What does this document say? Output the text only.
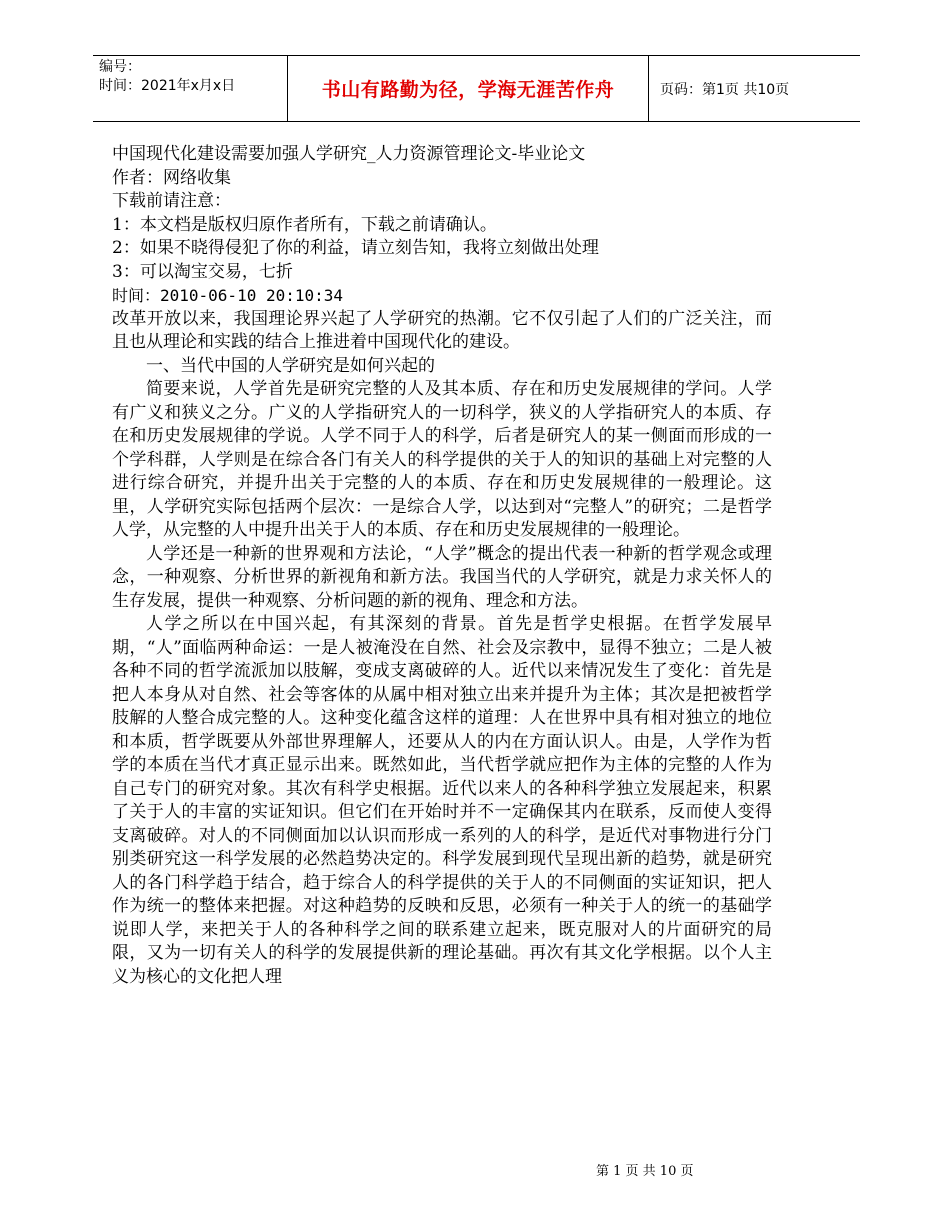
编号：
时间：2021年x月x日	书山有路勤为径，学海无涯苦作舟	页码：第1页 共10页

中国现代化建设需要加强人学研究_人力资源管理论文-毕业论文

作者：网络收集

下载前请注意：

1：本文档是版权归原作者所有，下载之前请确认。

2：如果不晓得侵犯了你的利益，请立刻告知，我将立刻做出处理

3：可以淘宝交易，七折

时间：2010-06-10 20:10:34

改革开放以来，我国理论界兴起了人学研究的热潮。它不仅引起了人们的广泛关注，而且也从理论和实践的结合上推进着中国现代化的建设。

一、当代中国的人学研究是如何兴起的

简要来说，人学首先是研究完整的人及其本质、存在和历史发展规律的学问。人学有广义和狭义之分。广义的人学指研究人的一切科学，狭义的人学指研究人的本质、存在和历史发展规律的学说。人学不同于人的科学，后者是研究人的某一侧面而形成的一个学科群，人学则是在综合各门有关人的科学提供的关于人的知识的基础上对完整的人进行综合研究，并提升出关于完整的人的本质、存在和历史发展规律的一般理论。这里，人学研究实际包括两个层次：一是综合人学，以达到对“完整人”的研究；二是哲学人学，从完整的人中提升出关于人的本质、存在和历史发展规律的一般理论。

人学还是一种新的世界观和方法论，“人学”概念的提出代表一种新的哲学观念或理念，一种观察、分析世界的新视角和新方法。我国当代的人学研究，就是力求关怀人的生存发展，提供一种观察、分析问题的新的视角、理念和方法。

人学之所以在中国兴起，有其深刻的背景。首先是哲学史根据。在哲学发展早期，“人”面临两种命运：一是人被淹没在自然、社会及宗教中，显得不独立；二是人被各种不同的哲学流派加以肢解，变成支离破碎的人。近代以来情况发生了变化：首先是把人本身从对自然、社会等客体的从属中相对独立出来并提升为主体；其次是把被哲学肢解的人整合成完整的人。这种变化蕴含这样的道理：人在世界中具有相对独立的地位和本质，哲学既要从外部世界理解人，还要从人的内在方面认识人。由是，人学作为哲学的本质在当代才真正显示出来。既然如此，当代哲学就应把作为主体的完整的人作为自己专门的研究对象。其次有科学史根据。近代以来人的各种科学独立发展起来，积累了关于人的丰富的实证知识。但它们在开始时并不一定确保其内在联系，反而使人变得支离破碎。对人的不同侧面加以认识而形成一系列的人的科学，是近代对事物进行分门别类研究这一科学发展的必然趋势决定的。科学发展到现代呈现出新的趋势，就是研究人的各门科学趋于结合，趋于综合人的科学提供的关于人的不同侧面的实证知识，把人作为统一的整体来把握。对这种趋势的反映和反思，必须有一种关于人的统一的基础学说即人学，来把关于人的各种科学之间的联系建立起来，既克服对人的片面研究的局限，又为一切有关人的科学的发展提供新的理论基础。再次有其文化学根据。以个人主义为核心的文化把人理

第 1 页 共 10 页
